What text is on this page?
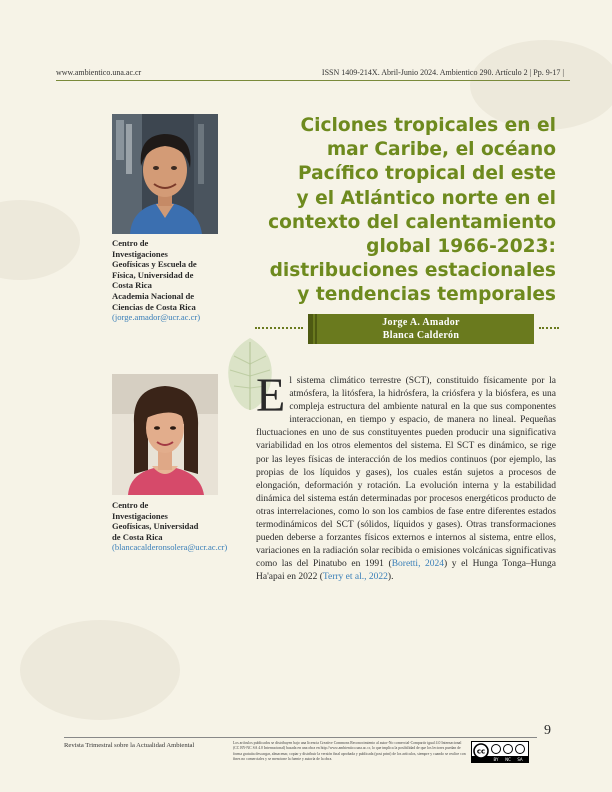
www.ambientico.una.ac.cr	ISSN 1409-214X. Abril-Junio 2024. Ambientico 290. Artículo 2 | Pp. 9-17 |
Centro de
Investigaciones
Geofísicas y Escuela de
Física, Universidad de
Costa Rica
Academia Nacional de
Ciencias de Costa Rica
(jorge.amador@ucr.ac.cr)
Centro de
Investigaciones
Geofísicas, Universidad
de Costa Rica
(blancacalderonsolera@ucr.ac.cr)
Ciclones tropicales en el
mar Caribe, el océano
Pacífico tropical del este
y el Atlántico norte en el
contexto del calentamiento
global 1966-2023:
distribuciones estacionales
y tendencias temporales
Jorge A. Amador
Blanca Calderón
El sistema climático terrestre (SCT), constituido físicamente por la atmósfera, la litósfera, la hidrósfera, la criósfera y la biósfera, es una compleja estructura del ambiente natural en la que sus componentes interaccionan, en tiempo y espacio, de manera no lineal. Pequeñas fluctuaciones en uno de sus constituyentes pueden producir una significativa variabilidad en los otros elementos del sistema. El SCT es dinámico, se rige por las leyes físicas de interacción de los medios continuos (por ejemplo, las propias de los líquidos y gases), los cuales están sujetos a procesos de elongación, deformación y rotación. La evolución interna y la estabilidad dinámica del sistema están determinadas por procesos energéticos producto de otras interrelaciones, como lo son los cambios de fase entre diferentes estados termodinámicos del SCT (sólidos, líquidos y gases). Otras transformaciones pueden deberse a forzantes físicos externos e internos al sistema, entre ellos, variaciones en la radiación solar recibida o emisiones volcánicas significativas como las del Pinatubo en 1991 (Boretti, 2024) y el Hunga Tonga–Hunga Ha'apai en 2022 (Terry et al., 2022).
9
Revista Trimestral sobre la Actualidad Ambiental	Los artículos publicados se distribuyen bajo una licencia Creative Commons Reconocimiento al autor-No comercial-Compartir igual 4.0 Internacional (CC BY-NC SA 4.0 Internacional) basada en una obra en http://www.ambientico.una.ac.cr, lo que implica la posibilidad de que los lectores puedan de forma gratuita descargar, almacenar, copiar y distribuir la versión final aprobada y publicada (post print) de los artículos, siempre y cuando se realice con fines no comerciales y se mencione la fuente y autoría de la obra.
cc
BY NC SA
